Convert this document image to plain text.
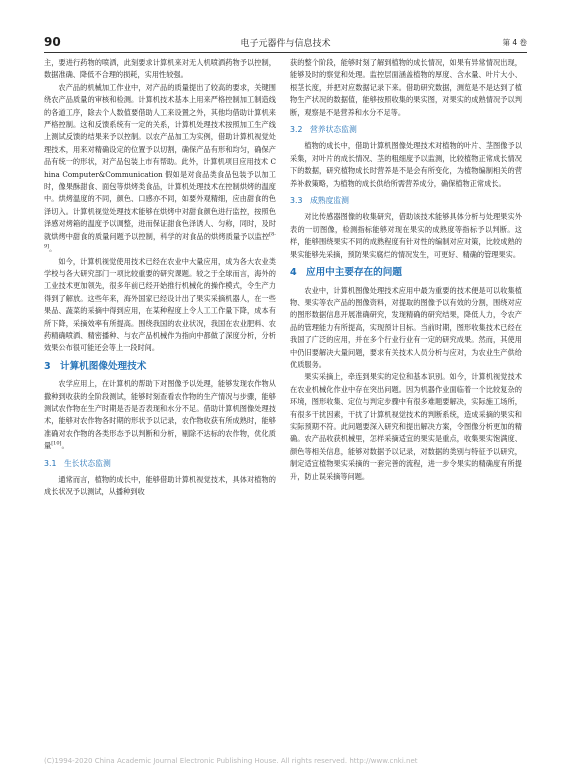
90	电子元器件与信息技术	第 4 卷

主，要进行药物的喷洒，此刻要求计算机来对无人机喷洒药物予以控制，数据准确、降低不合理的损耗，实用性较强。

农产品的机械加工作业中，对产品的质量提出了较高的要求，关键围绕农产品质量的审核和检测。计算机技术基本上用来严格控制加工制造线的各道工序，除去个人数值要借助人工来设置之外，其他均借助计算机来严格控制。这和反馈系统有一定的关系，计算机处理技术按照加工生产线上测试反馈的结果来予以控制。以农产品加工为实例，借助计算机视觉处理技术，用来对精确设定的位置予以切割，确保产品有形和均匀，确保产品有统一的形状，对产品包装上市有帮助。此外，计算机项目应用技术 China Computer&Communication 假如是对食品类食品包装予以加工时，像果酥甜食、面包等烘烤类食品，计算机处理技术在控制烘烤的温度中。烘烤温度的不同，颜色、口感亦不同，如要外观精细，应由甜食的色泽切入。计算机视觉处理技术能够在烘烤中对甜食颜色进行监控，按照色泽感对烤箱的温度予以调整，进而保证甜食色泽诱人、匀称，同时，及时就烘烤中甜食的质量问题予以控制，科学的对食品的烘烤质量予以监控[8-9]。

如今，计算机视觉使用技术已经在农业中大量应用，成为各大农业类学校与各大研究部门一项比较重要的研究课题。较之于全球而言，海外的工业技术更加领先，很多年前已经开始推行机械化的操作模式，令生产力得到了解放。这些年来，海外国家已经设计出了果实采摘机器人，在一些果品、蔬菜的采摘中得到应用，在某种程度上令人工工作量下降，成本有所下降，采摘效率有所提高。围绕我国的农业状况，我国在农业肥料、农药精确喷洒、精密播种、与农产品机械作为指向中都做了深度分析，分析效果公布很可能还会等上一段时间。

3 计算机图像处理技术

农学应用上，在计算机的帮助下对图像予以处理，能够发现农作物从撒种到收获的全阶段测试，能够时刻查看农作物的生产情况与步骤，能够测试农作物在生产时期是否是否表现和水分不足。借助计算机图像处理技术，能够对农作物各时期的形状予以记录，农作物收获有所成熟时，能够准确对农作物的各类形态予以判断和分析，剔除不达标的农作物，优化质量[10]。

3.1 生长状态监测

通常而言，植物的成长中，能够借助计算机视觉技术，具体对植物的成长状况予以测试，从播种到收

获的整个阶段，能够时刻了解到植物的成长情况，如果有异常情况出现，能够及时的察觉和处理。监控层面涵盖植物的厚度、含水量、叶片大小、根茎长度，并把对应数据记录下来。借助研究数据，测览是不是达到了植物生产状况的数据值，能够按照收集的果实图，对果实的成熟情况予以判断，观察是不是营养和水分不足等。

3.2 营养状态监测

植物的成长中，借助计算机图像处理技术对植物的叶片、茎图像予以采集，对叶片的成长情况、茎的粗细度予以监测，比较植物正常成长情况下的数据，研究植物成长时营养是不是会有所变化，为植物编制相关的营养补救策略，为植物的成长供给所需营养成分，确保植物正常成长。

3.3 成熟度监测

对比传感器图像的收集研究，借助该技术能够具体分析与处理果实外表的一切图像，检测指标能够对现在果实的成熟度等指标予以判断。这样，能够围绕果实不同的成熟程度有针对性的编制对应对策，比较成熟的果实能够先采摘，预防果实腐烂的情况发生，可更好、精确的管理果实。

4 应用中主要存在的问题

农业中，计算机图像处理技术应用中最为重要的技术便是可以收集植物、果实等农产品的图像资料，对提取的图像予以有效的分割，围绕对应的图形数据信息开展准确研究，发现精确的研究结果，降低人力，令农产品的管理能力有所提高，实现预计目标。当前时期，图形收集技术已经在我国了广泛的应用，并在多个行业行业有一定的研究成果。然而，其使用中仍旧要解决大量问题，要求有关技术人员分析与应对，为农业生产供给优质服务。

果实采摘上，牵连到果实的定位和基本识别。如今，计算机视觉技术在农业机械化作业中存在突出问题。因为机器作业面临着一个比较复杂的环境，图形收集、定位与判定步骤中有很多难题要解决，实际施工场所，有很多干扰因素，干扰了计算机视觉技术的判断系统，造成采摘的果实和实际预期不符。此问题要深入研究和提出解决方案，令图像分析更加的精确。农产品收获机械里，怎样采摘适宜的果实是重点，收集果实饱满度、颜色等相关信息，能够对数据予以记录，对数据的类别与特征予以研究，制定适宜植物果实采摘的一套完善的流程，进一步令果实的精确度有所提升，防止误采摘等问题。

(C)1994-2020 China Academic Journal Electronic Publishing House. All rights reserved. http://www.cnki.net
